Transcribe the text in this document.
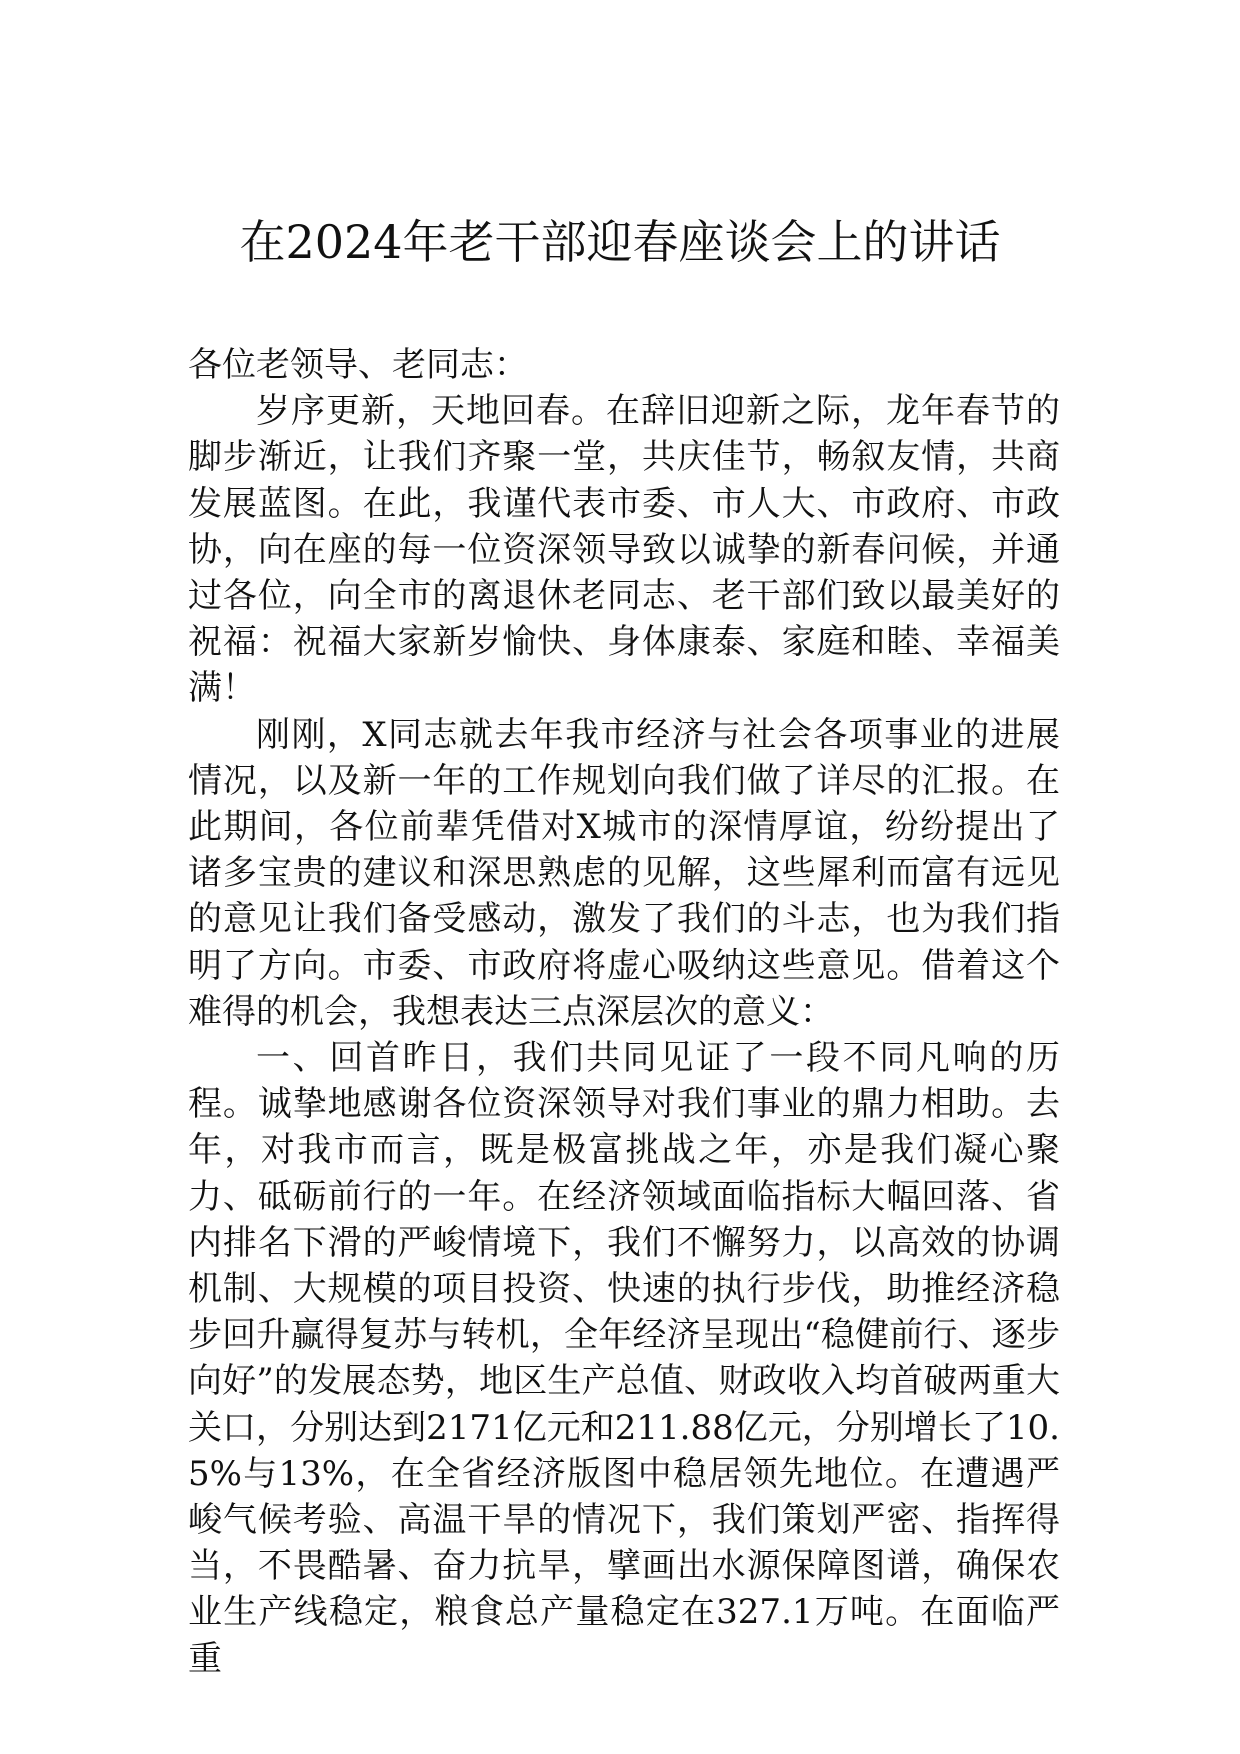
在2024年老干部迎春座谈会上的讲话

各位老领导、老同志：

岁序更新，天地回春。在辞旧迎新之际，龙年春节的脚步渐近，让我们齐聚一堂，共庆佳节，畅叙友情，共商发展蓝图。在此，我谨代表市委、市人大、市政府、市政协，向在座的每一位资深领导致以诚挚的新春问候，并通过各位，向全市的离退休老同志、老干部们致以最美好的祝福：祝福大家新岁愉快、身体康泰、家庭和睦、幸福美满！

刚刚，X同志就去年我市经济与社会各项事业的进展情况，以及新一年的工作规划向我们做了详尽的汇报。在此期间，各位前辈凭借对X城市的深情厚谊，纷纷提出了诸多宝贵的建议和深思熟虑的见解，这些犀利而富有远见的意见让我们备受感动，激发了我们的斗志，也为我们指明了方向。市委、市政府将虚心吸纳这些意见。借着这个难得的机会，我想表达三点深层次的意义：

一、回首昨日，我们共同见证了一段不同凡响的历程。诚挚地感谢各位资深领导对我们事业的鼎力相助。去年，对我市而言，既是极富挑战之年，亦是我们凝心聚力、砥砺前行的一年。在经济领域面临指标大幅回落、省内排名下滑的严峻情境下，我们不懈努力，以高效的协调机制、大规模的项目投资、快速的执行步伐，助推经济稳步回升赢得复苏与转机，全年经济呈现出“稳健前行、逐步向好”的发展态势，地区生产总值、财政收入均首破两重大关口，分别达到2171亿元和211.88亿元，分别增长了10.5%与13%，在全省经济版图中稳居领先地位。在遭遇严峻气候考验、高温干旱的情况下，我们策划严密、指挥得当，不畏酷暑、奋力抗旱，擘画出水源保障图谱，确保农业生产线稳定，粮食总产量稳定在327.1万吨。在面临严重
